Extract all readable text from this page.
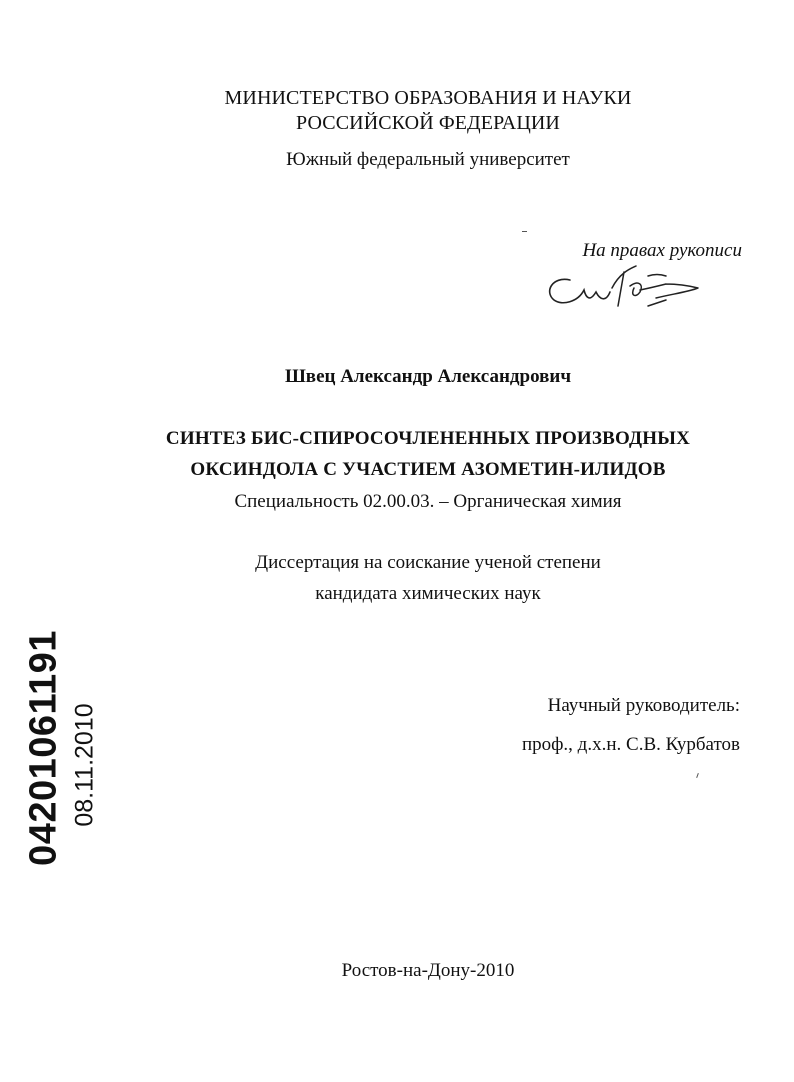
МИНИСТЕРСТВО ОБРАЗОВАНИЯ И НАУКИ
РОССИЙСКОЙ ФЕДЕРАЦИИ
Южный федеральный университет
На правах рукописи
Швец Александр Александрович
СИНТЕЗ БИС-СПИРОСОЧЛЕНЕННЫХ ПРОИЗВОДНЫХ
ОКСИНДОЛА С УЧАСТИЕМ АЗОМЕТИН-ИЛИДОВ
Специальность 02.00.03. – Органическая химия
Диссертация на соискание ученой степени
кандидата химических наук
Научный руководитель:
проф., д.х.н. С.В. Курбатов
Ростов-на-Дону-2010
04201061191 08.11.2010
